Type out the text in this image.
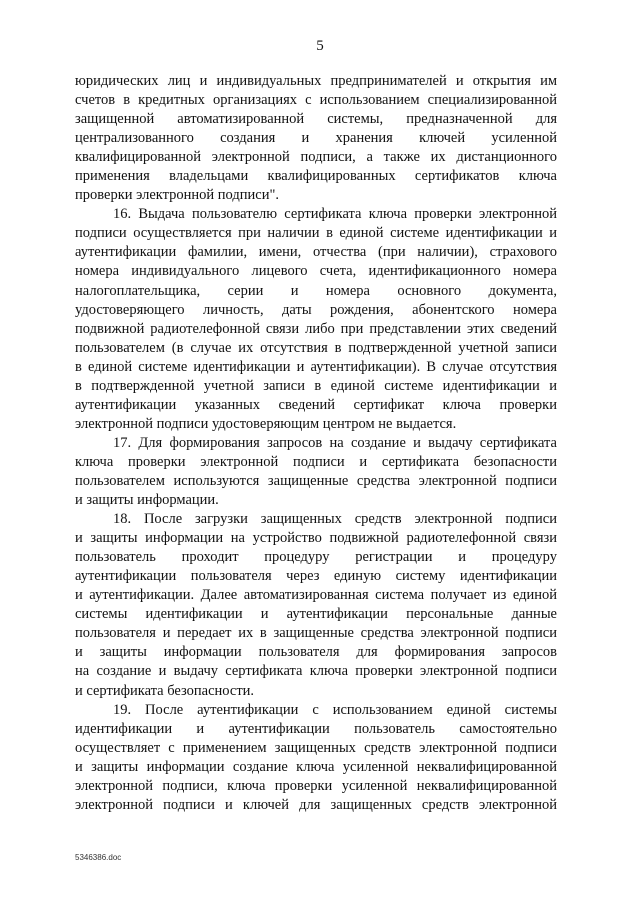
5
юридических лиц и индивидуальных предпринимателей и открытия им
счетов в кредитных организациях с использованием специализированной
защищенной автоматизированной системы, предназначенной для
централизованного создания и хранения ключей усиленной
квалифицированной электронной подписи, а также их дистанционного
применения владельцами квалифицированных сертификатов ключа
проверки электронной подписи".
16. Выдача пользователю сертификата ключа проверки электронной
подписи осуществляется при наличии в единой системе идентификации и
аутентификации фамилии, имени, отчества (при наличии), страхового
номера индивидуального лицевого счета, идентификационного номера
налогоплательщика, серии и номера основного документа,
удостоверяющего личность, даты рождения, абонентского номера
подвижной радиотелефонной связи либо при представлении этих сведений
пользователем (в случае их отсутствия в подтвержденной учетной записи
в единой системе идентификации и аутентификации). В случае отсутствия
в подтвержденной учетной записи в единой системе идентификации и
аутентификации указанных сведений сертификат ключа проверки
электронной подписи удостоверяющим центром не выдается.
17. Для формирования запросов на создание и выдачу сертификата
ключа проверки электронной подписи и сертификата безопасности
пользователем используются защищенные средства электронной подписи
и защиты информации.
18. После загрузки защищенных средств электронной подписи
и защиты информации на устройство подвижной радиотелефонной связи
пользователь проходит процедуру регистрации и процедуру
аутентификации пользователя через единую систему идентификации
и аутентификации. Далее автоматизированная система получает из единой
системы идентификации и аутентификации персональные данные
пользователя и передает их в защищенные средства электронной подписи
и защиты информации пользователя для формирования запросов
на создание и выдачу сертификата ключа проверки электронной подписи
и сертификата безопасности.
19. После аутентификации с использованием единой системы
идентификации и аутентификации пользователь самостоятельно
осуществляет с применением защищенных средств электронной подписи
и защиты информации создание ключа усиленной неквалифицированной
электронной подписи, ключа проверки усиленной неквалифицированной
электронной подписи и ключей для защищенных средств электронной
5346386.doc
